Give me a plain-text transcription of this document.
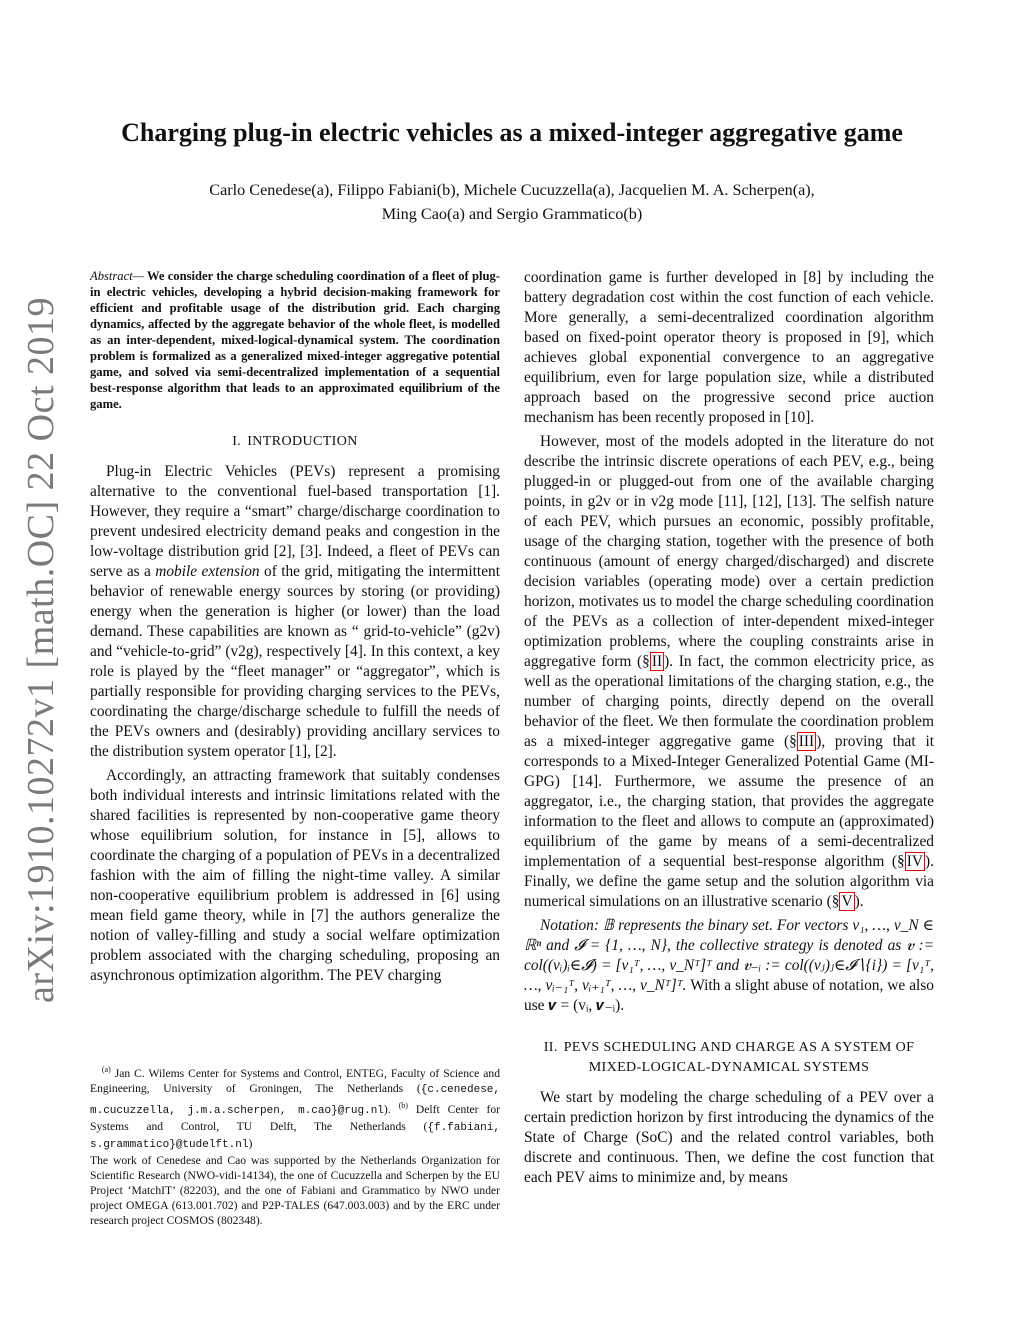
arXiv:1910.10272v1 [math.OC] 22 Oct 2019
Charging plug-in electric vehicles as a mixed-integer aggregative game
Carlo Cenedese(a), Filippo Fabiani(b), Michele Cucuzzella(a), Jacquelien M. A. Scherpen(a),
Ming Cao(a) and Sergio Grammatico(b)

Abstract— We consider the charge scheduling coordination of a fleet of plug-in electric vehicles, developing a hybrid decision-making framework for efficient and profitable usage of the distribution grid. Each charging dynamics, affected by the aggregate behavior of the whole fleet, is modelled as an inter-dependent, mixed-logical-dynamical system. The coordination problem is formalized as a generalized mixed-integer aggregative potential game, and solved via semi-decentralized implementation of a sequential best-response algorithm that leads to an approximated equilibrium of the game.

I. INTRODUCTION

Plug-in Electric Vehicles (PEVs) represent a promising alternative to the conventional fuel-based transportation [1]. However, they require a “smart” charge/discharge coordination to prevent undesired electricity demand peaks and congestion in the low-voltage distribution grid [2], [3]. Indeed, a fleet of PEVs can serve as a mobile extension of the grid, mitigating the intermittent behavior of renewable energy sources by storing (or providing) energy when the generation is higher (or lower) than the load demand. These capabilities are known as “ grid-to-vehicle” (g2v) and “vehicle-to-grid” (v2g), respectively [4]. In this context, a key role is played by the “fleet manager” or “aggregator”, which is partially responsible for providing charging services to the PEVs, coordinating the charge/discharge schedule to fulfill the needs of the PEVs owners and (desirably) providing ancillary services to the distribution system operator [1], [2].

Accordingly, an attracting framework that suitably condenses both individual interests and intrinsic limitations related with the shared facilities is represented by non-cooperative game theory whose equilibrium solution, for instance in [5], allows to coordinate the charging of a population of PEVs in a decentralized fashion with the aim of filling the night-time valley. A similar non-cooperative equilibrium problem is addressed in [6] using mean field game theory, while in [7] the authors generalize the notion of valley-filling and study a social welfare optimization problem associated with the charging scheduling, proposing an asynchronous optimization algorithm. The PEV charging

$^{(a)}$ Jan C. Wilems Center for Systems and Control, ENTEG, Faculty of Science and Engineering, University of Groningen, The Netherlands ({c.cenedese, m.cucuzzella, j.m.a.scherpen, m.cao}@rug.nl). $^{(b)}$ Delft Center for Systems and Control, TU Delft, The Netherlands ({f.fabiani, s.grammatico}@tudelft.nl)

The work of Cenedese and Cao was supported by the Netherlands Organization for Scientific Research (NWO-vidi-14134), the one of Cucuzzella and Scherpen by the EU Project ‘MatchIT’ (82203), and the one of Fabiani and Grammatico by NWO under project OMEGA (613.001.702) and P2P-TALES (647.003.003) and by the ERC under research project COSMOS (802348).

coordination game is further developed in [8] by including the battery degradation cost within the cost function of each vehicle. More generally, a semi-decentralized coordination algorithm based on fixed-point operator theory is proposed in [9], which achieves global exponential convergence to an aggregative equilibrium, even for large population size, while a distributed approach based on the progressive second price auction mechanism has been recently proposed in [10].

However, most of the models adopted in the literature do not describe the intrinsic discrete operations of each PEV, e.g., being plugged-in or plugged-out from one of the available charging points, in g2v or in v2g mode [11], [12], [13]. The selfish nature of each PEV, which pursues an economic, possibly profitable, usage of the charging station, together with the presence of both continuous (amount of energy charged/discharged) and discrete decision variables (operating mode) over a certain prediction horizon, motivates us to model the charge scheduling coordination of the PEVs as a collection of inter-dependent mixed-integer optimization problems, where the coupling constraints arise in aggregative form (§ II ). In fact, the common electricity price, as well as the operational limitations of the charging station, e.g., the number of charging points, directly depend on the overall behavior of the fleet. We then formulate the coordination problem as a mixed-integer aggregative game (§ III ), proving that it corresponds to a Mixed-Integer Generalized Potential Game (MI-GPG) [14]. Furthermore, we assume the presence of an aggregator, i.e., the charging station, that provides the aggregate information to the fleet and allows to compute an (approximated) equilibrium of the game by means of a semi-decentralized implementation of a sequential best-response algorithm (§ IV ). Finally, we define the game setup and the solution algorithm via numerical simulations on an illustrative scenario (§ V ).

Notation: 𝔹 represents the binary set. For vectors v₁, …, v_N ∈ ℝⁿ and 𝓘 = {1, …, N}, the collective strategy is denoted as 𝒗 := col((vᵢ)ᵢ∈𝓘) = [v₁ᵀ, …, v_Nᵀ]ᵀ and 𝒗₋ᵢ := col((vⱼ)ⱼ∈𝓘∖{i}) = [v₁ᵀ, …, vᵢ₋₁ᵀ, vᵢ₊₁ᵀ, …, v_Nᵀ]ᵀ. With a slight abuse of notation, we also use 𝒗 = (vᵢ, 𝒗₋ᵢ).

II. PEVS SCHEDULING AND CHARGE AS A SYSTEM OF
MIXED-LOGICAL-DYNAMICAL SYSTEMS

We start by modeling the charge scheduling of a PEV over a certain prediction horizon by first introducing the dynamics of the State of Charge (SoC) and the related control variables, both discrete and continuous. Then, we define the cost function that each PEV aims to minimize and, by means
